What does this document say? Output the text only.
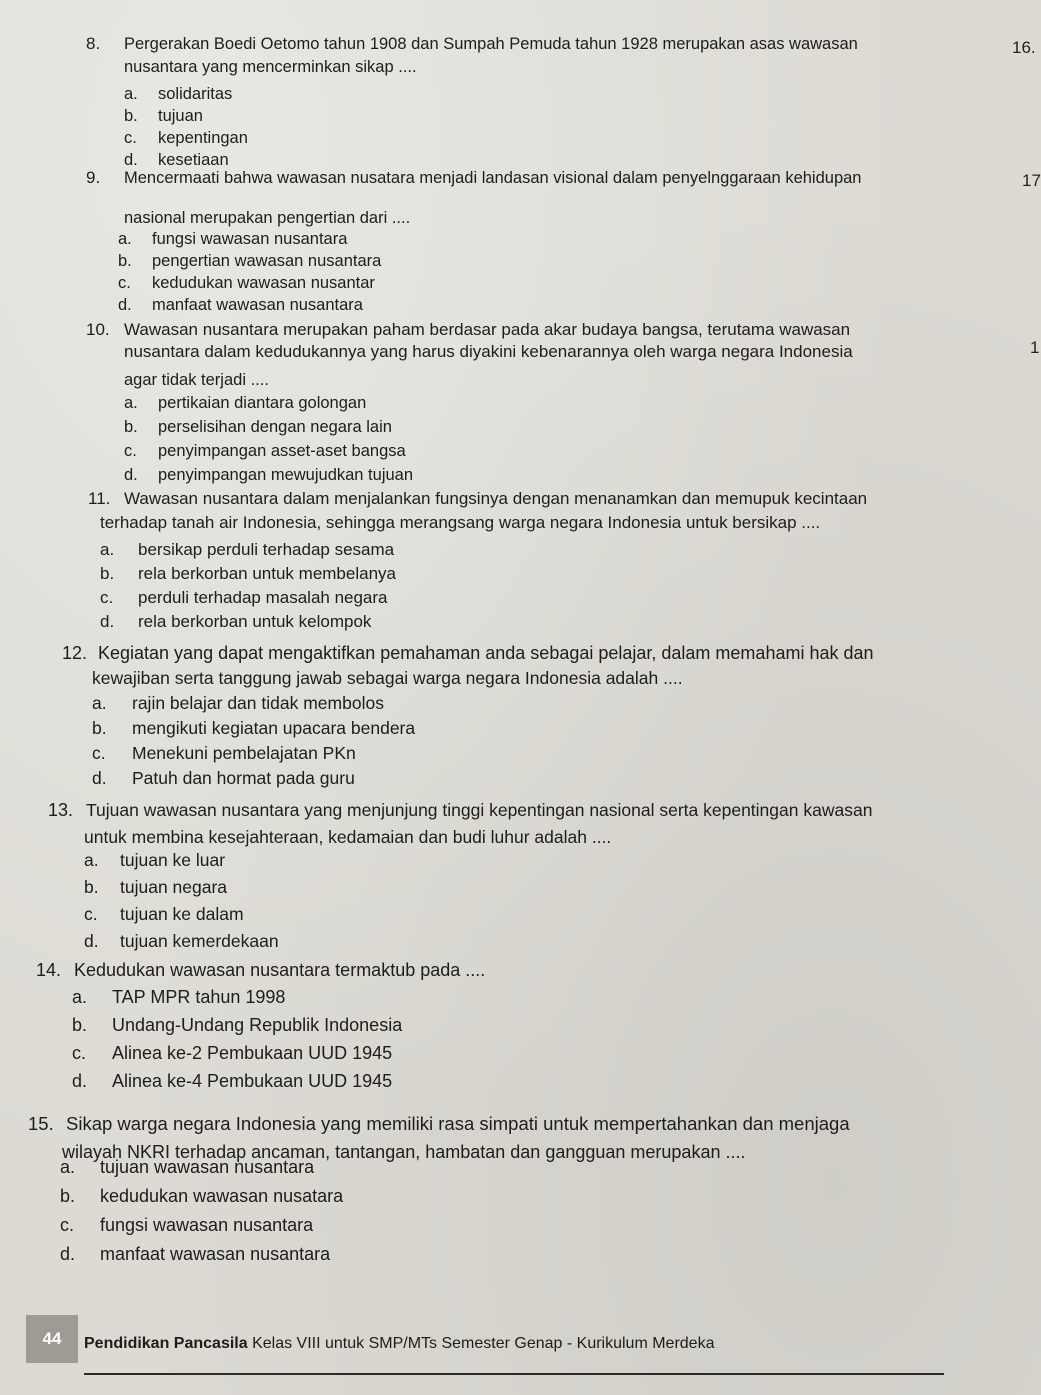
16.
17
1
8. Pergerakan Boedi Oetomo tahun 1908 dan Sumpah Pemuda tahun 1928 merupakan asas wawasan
nusantara yang mencerminkan sikap ....
a. solidaritas
b. tujuan
c. kepentingan
d. kesetiaan
9. Mencermaati bahwa wawasan nusatara menjadi landasan visional dalam penyelnggaraan kehidupan
nasional merupakan pengertian dari ....
a. fungsi wawasan nusantara
b. pengertian wawasan nusantara
c. kedudukan wawasan nusantar
d. manfaat wawasan nusantara
10. Wawasan nusantara merupakan paham berdasar pada akar budaya bangsa, terutama wawasan
nusantara dalam kedudukannya yang harus diyakini kebenarannya oleh warga negara Indonesia
agar tidak terjadi ....
a. pertikaian diantara golongan
b. perselisihan dengan negara lain
c. penyimpangan asset-aset bangsa
d. penyimpangan mewujudkan tujuan
11. Wawasan nusantara dalam menjalankan fungsinya dengan menanamkan dan memupuk kecintaan
terhadap tanah air Indonesia, sehingga merangsang warga negara Indonesia untuk bersikap ....
a. bersikap perduli terhadap sesama
b. rela berkorban untuk membelanya
c. perduli terhadap masalah negara
d. rela berkorban untuk kelompok
12. Kegiatan yang dapat mengaktifkan pemahaman anda sebagai pelajar, dalam memahami hak dan
kewajiban serta tanggung jawab sebagai warga negara Indonesia adalah ....
a. rajin belajar dan tidak membolos
b. mengikuti kegiatan upacara bendera
c. Menekuni pembelajatan PKn
d. Patuh dan hormat pada guru
13. Tujuan wawasan nusantara yang menjunjung tinggi kepentingan nasional serta kepentingan kawasan
untuk membina kesejahteraan, kedamaian dan budi luhur adalah ....
a. tujuan ke luar
b. tujuan negara
c. tujuan ke dalam
d. tujuan kemerdekaan
14. Kedudukan wawasan nusantara termaktub pada ....
a. TAP MPR tahun 1998
b. Undang-Undang Republik Indonesia
c. Alinea ke-2 Pembukaan UUD 1945
d. Alinea ke-4 Pembukaan UUD 1945
15. Sikap warga negara Indonesia yang memiliki rasa simpati untuk mempertahankan dan menjaga
wilayah NKRI terhadap ancaman, tantangan, hambatan dan gangguan merupakan ....
a. tujuan wawasan nusantara
b. kedudukan wawasan nusatara
c. fungsi wawasan nusantara
d. manfaat wawasan nusantara
44	Pendidikan Pancasila Kelas VIII untuk SMP/MTs Semester Genap - Kurikulum Merdeka
